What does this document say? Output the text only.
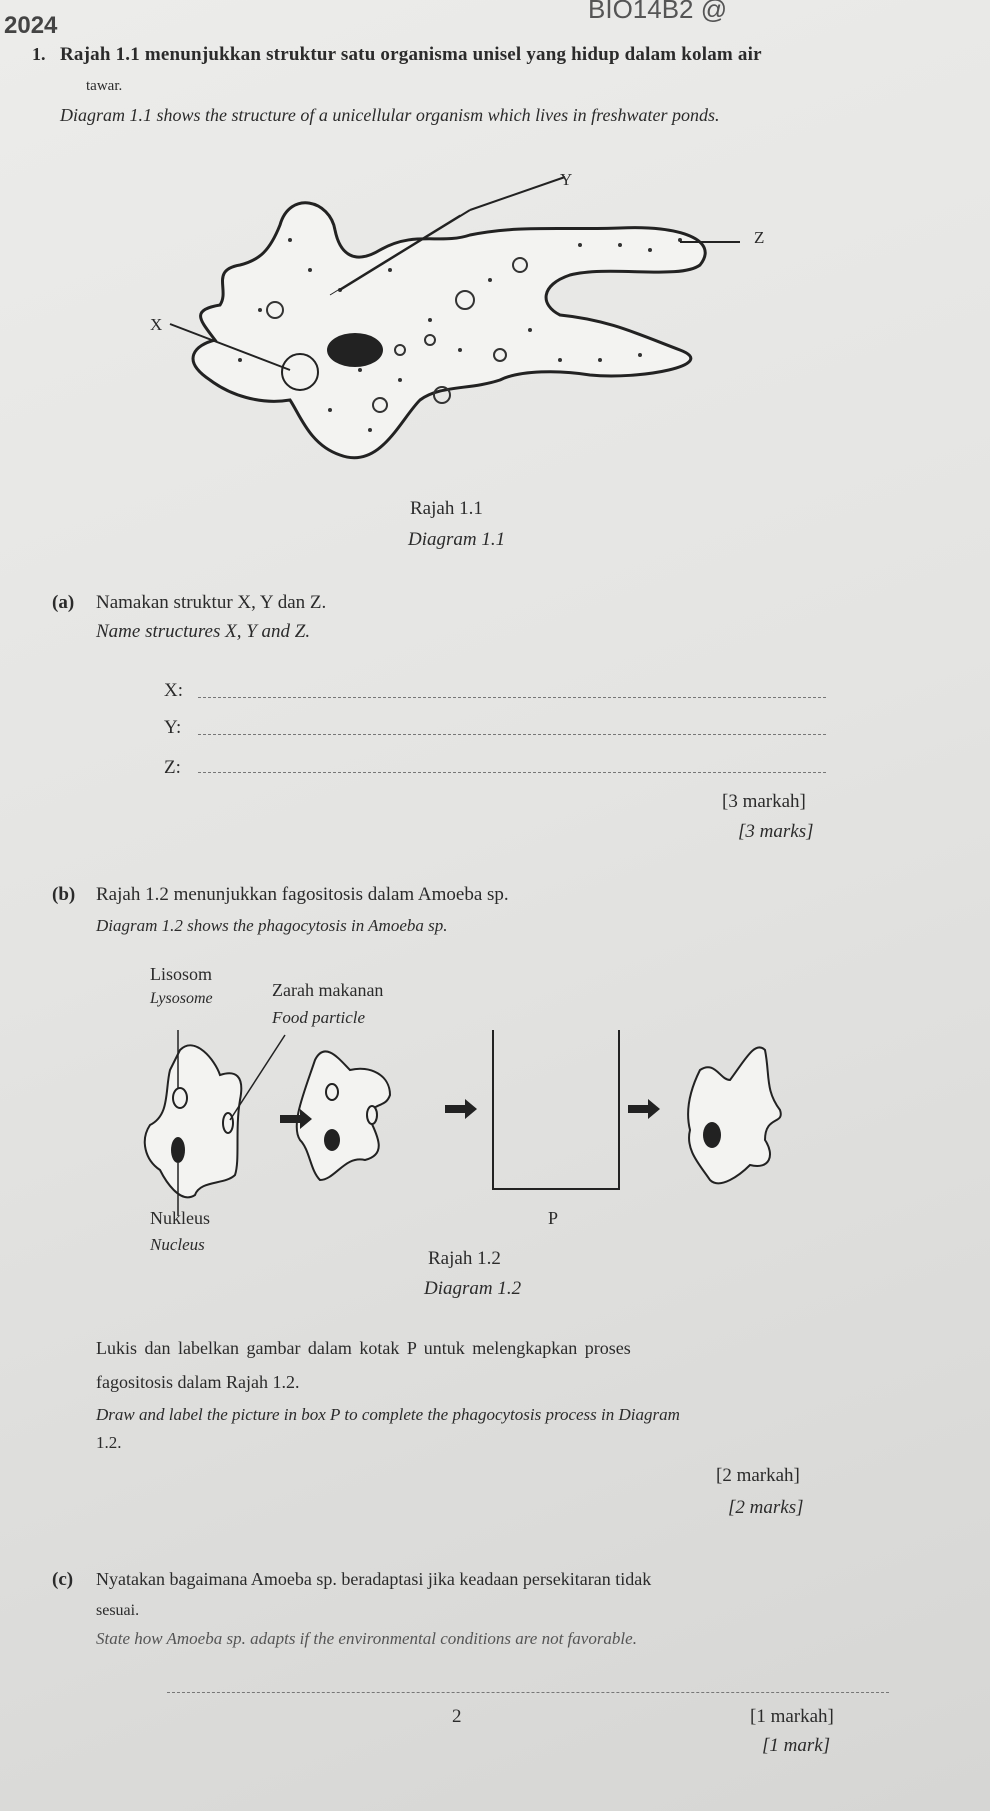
2024
BIO14B2 @
1. Rajah 1.1 menunjukkan struktur satu organisma unisel yang hidup dalam kolam air
tawar.
Diagram 1.1 shows the structure of a unicellular organism which lives in freshwater ponds.
Y
Z
X
Rajah 1.1
Diagram 1.1
(a) Namakan struktur X, Y dan Z.
Name structures X, Y and Z.
X:
Y:
Z:
[3 markah]
[3 marks]
(b) Rajah 1.2 menunjukkan fagositosis dalam Amoeba sp.
Diagram 1.2 shows the phagocytosis in Amoeba sp.
Lisosom
Lysosome	Zarah makanan
Food particle
Nukleus
Nucleus
P
Rajah 1.2
Diagram 1.2
Lukis dan labelkan gambar dalam kotak P untuk melengkapkan proses
fagositosis dalam Rajah 1.2.
Draw and label the picture in box P to complete the phagocytosis process in Diagram
1.2.
[2 markah]
[2 marks]
(c) Nyatakan bagaimana Amoeba sp. beradaptasi jika keadaan persekitaran tidak
sesuai.
State how Amoeba sp. adapts if the environmental conditions are not favorable.
2	[1 markah]
[1 mark]
